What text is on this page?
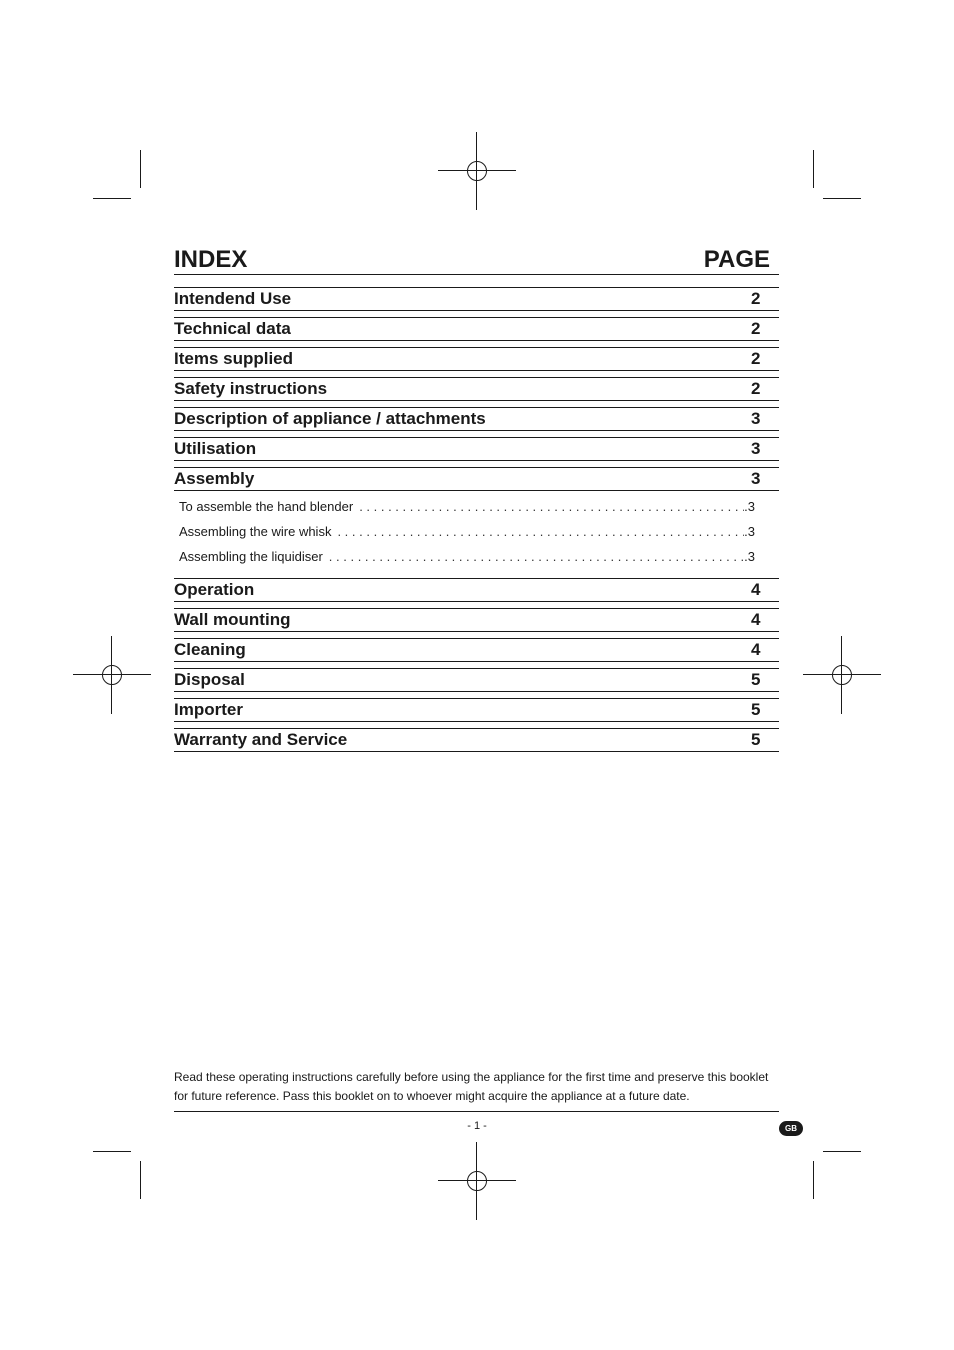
INDEX	PAGE
Intendend Use	2
Technical data	2
Items supplied	2
Safety instructions	2
Description of appliance / attachments	3
Utilisation	3
Assembly	3
To assemble the hand blender . . .	.3
Assembling the wire whisk . . .	.3
Assembling the liquidiser . . .	.3
Operation	4
Wall mounting	4
Cleaning	4
Disposal	5
Importer	5
Warranty and Service	5
Read these operating instructions carefully before using the appliance for the first time and preserve this booklet for future reference. Pass this booklet on to whoever might acquire the appliance at a future date.
- 1 -	GB
